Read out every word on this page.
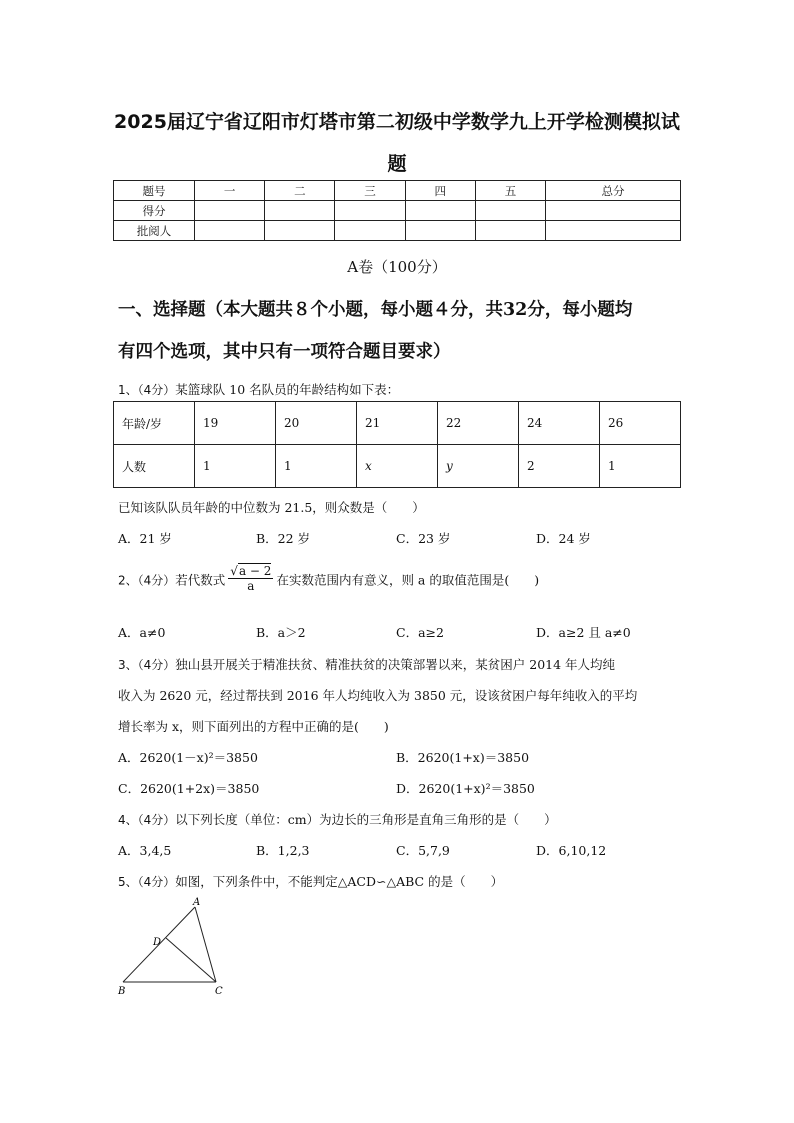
2025届辽宁省辽阳市灯塔市第二初级中学数学九上开学检测模拟试
题
题号	一	二	三	四	五	总分
得分						
批阅人						
A卷（100分）
一、选择题（本大题共８个小题，每小题４分，共32分，每小题均
有四个选项，其中只有一项符合题目要求）
1、（4分）某篮球队 10 名队员的年龄结构如下表：
年龄/岁	19	20	21	22	24	26
人数	1	1	x	y	2	1
已知该队队员年龄的中位数为 21.5，则众数是（　　）
A．21 岁	B．22 岁	C．23 岁	D．24 岁
2、（4分）若代数式 $\frac{√a - 2}{a}$ 在实数范围内有意义，则 a 的取值范围是(　　)
A．a≠0	B．a＞2	C．a≥2	D．a≥2 且 a≠0
3、（4分）独山县开展关于精准扶贫、精准扶贫的决策部署以来，某贫困户 2014 年人均纯
收入为 2620 元，经过帮扶到 2016 年人均纯收入为 3850 元，设该贫困户每年纯收入的平均
增长率为 x，则下面列出的方程中正确的是(　　)
A．2620(1－x)²＝3850	B．2620(1+x)＝3850
C．2620(1+2x)＝3850	D．2620(1+x)²＝3850
4、（4分）以下列长度（单位：cm）为边长的三角形是直角三角形的是（　　）
A．3,4,5	B．1,2,3	C．5,7,9	D．6,10,12
5、（4分）如图，下列条件中，不能判定△ACD∽△ABC 的是（　　）
A
D
B	C
